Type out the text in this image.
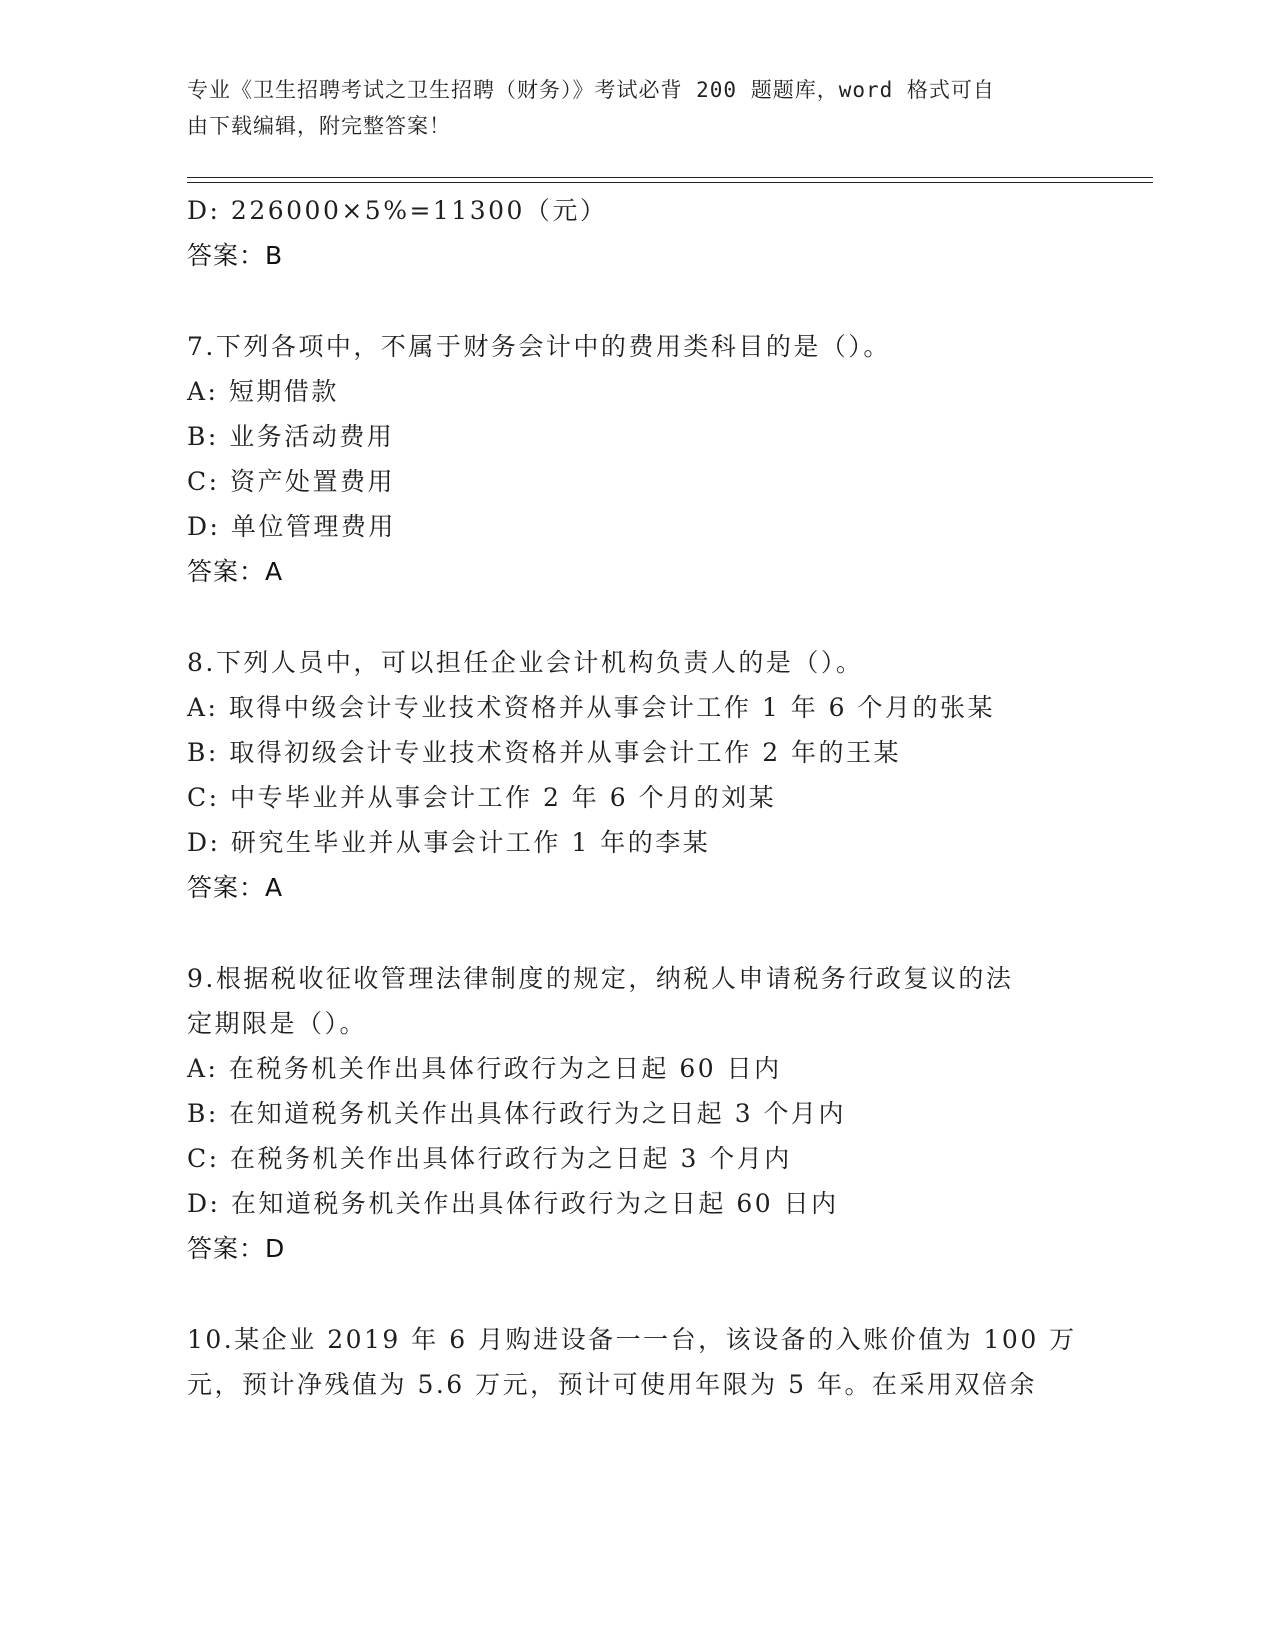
专业《卫生招聘考试之卫生招聘（财务）》考试必背 200 题题库，word 格式可自
由下载编辑，附完整答案！
D: 226000×5%=11300（元）
答案：B
7.下列各项中，不属于财务会计中的费用类科目的是（）。
A: 短期借款
B: 业务活动费用
C: 资产处置费用
D: 单位管理费用
答案：A
8.下列人员中，可以担任企业会计机构负责人的是（）。
A: 取得中级会计专业技术资格并从事会计工作 1 年 6 个月的张某
B: 取得初级会计专业技术资格并从事会计工作 2 年的王某
C: 中专毕业并从事会计工作 2 年 6 个月的刘某
D: 研究生毕业并从事会计工作 1 年的李某
答案：A
9.根据税收征收管理法律制度的规定，纳税人申请税务行政复议的法
定期限是（）。
A: 在税务机关作出具体行政行为之日起 60 日内
B: 在知道税务机关作出具体行政行为之日起 3 个月内
C: 在税务机关作出具体行政行为之日起 3 个月内
D: 在知道税务机关作出具体行政行为之日起 60 日内
答案：D
10.某企业 2019 年 6 月购进设备一一台，该设备的入账价值为 100 万
元，预计净残值为 5.6 万元，预计可使用年限为 5 年。在采用双倍余
